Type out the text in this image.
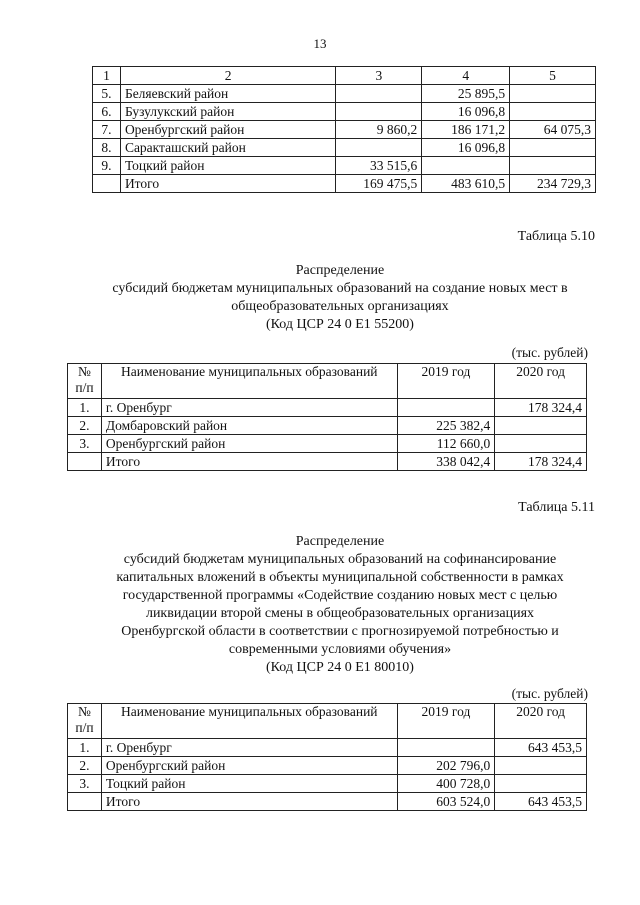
13
1	2	3	4	5
5.	Беляевский район		25 895,5	
6.	Бузулукский район		16 096,8	
7.	Оренбургский район	9 860,2	186 171,2	64 075,3
8.	Саракташский район		16 096,8	
9.	Тоцкий район	33 515,6		
	Итого	169 475,5	483 610,5	234 729,3
Таблица 5.10
Распределение
субсидий бюджетам муниципальных образований на создание новых мест в
общеобразовательных организациях
(Код ЦСР 24 0 Е1 55200)
(тыс. рублей)
№
п/п	Наименование муниципальных образований	2019 год	2020 год
1.	г. Оренбург		178 324,4
2.	Домбаровский район	225 382,4	
3.	Оренбургский район	112 660,0	
	Итого	338 042,4	178 324,4
Таблица 5.11
Распределение
субсидий бюджетам муниципальных образований на софинансирование
капитальных вложений в объекты муниципальной собственности в рамках
государственной программы «Содействие созданию новых мест с целью
ликвидации второй смены в общеобразовательных организациях
Оренбургской области в соответствии с прогнозируемой потребностью и
современными условиями обучения»
(Код ЦСР 24 0 Е1 80010)
(тыс. рублей)
№
п/п	Наименование муниципальных образований	2019 год	2020 год
1.	г. Оренбург		643 453,5
2.	Оренбургский район	202 796,0	
3.	Тоцкий район	400 728,0	
	Итого	603 524,0	643 453,5
